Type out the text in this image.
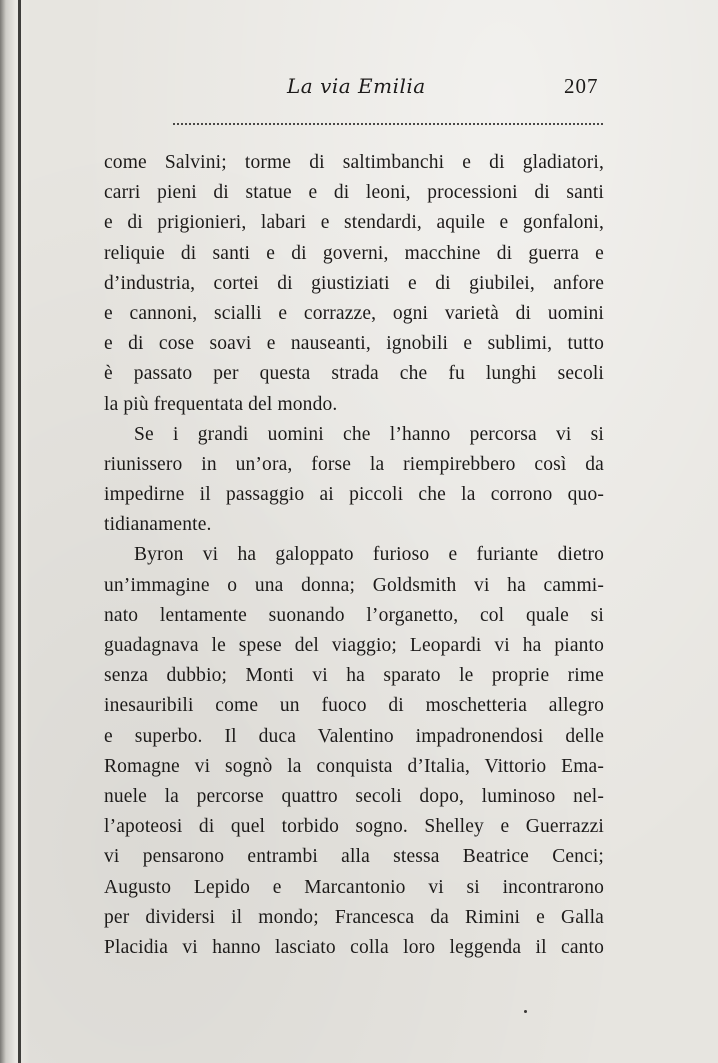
La via Emilia	207
come Salvini; torme di saltimbanchi e di gladiatori,
carri pieni di statue e di leoni, processioni di santi
e di prigionieri, labari e stendardi, aquile e gonfaloni,
reliquie di santi e di governi, macchine di guerra e
d’industria, cortei di giustiziati e di giubilei, anfore
e cannoni, scialli e corrazze, ogni varietà di uomini
e di cose soavi e nauseanti, ignobili e sublimi, tutto
è passato per questa strada che fu lunghi secoli
la più frequentata del mondo.
Se i grandi uomini che l’hanno percorsa vi si
riunissero in un’ora, forse la riempirebbero così da
impedirne il passaggio ai piccoli che la corrono quo-
tidianamente.
Byron vi ha galoppato furioso e furiante dietro
un’immagine o una donna; Goldsmith vi ha cammi-
nato lentamente suonando l’organetto, col quale si
guadagnava le spese del viaggio; Leopardi vi ha pianto
senza dubbio; Monti vi ha sparato le proprie rime
inesauribili come un fuoco di moschetteria allegro
e superbo. Il duca Valentino impadronendosi delle
Romagne vi sognò la conquista d’Italia, Vittorio Ema-
nuele la percorse quattro secoli dopo, luminoso nel-
l’apoteosi di quel torbido sogno. Shelley e Guerrazzi
vi pensarono entrambi alla stessa Beatrice Cenci;
Augusto Lepido e Marcantonio vi si incontrarono
per dividersi il mondo; Francesca da Rimini e Galla
Placidia vi hanno lasciato colla loro leggenda il canto
